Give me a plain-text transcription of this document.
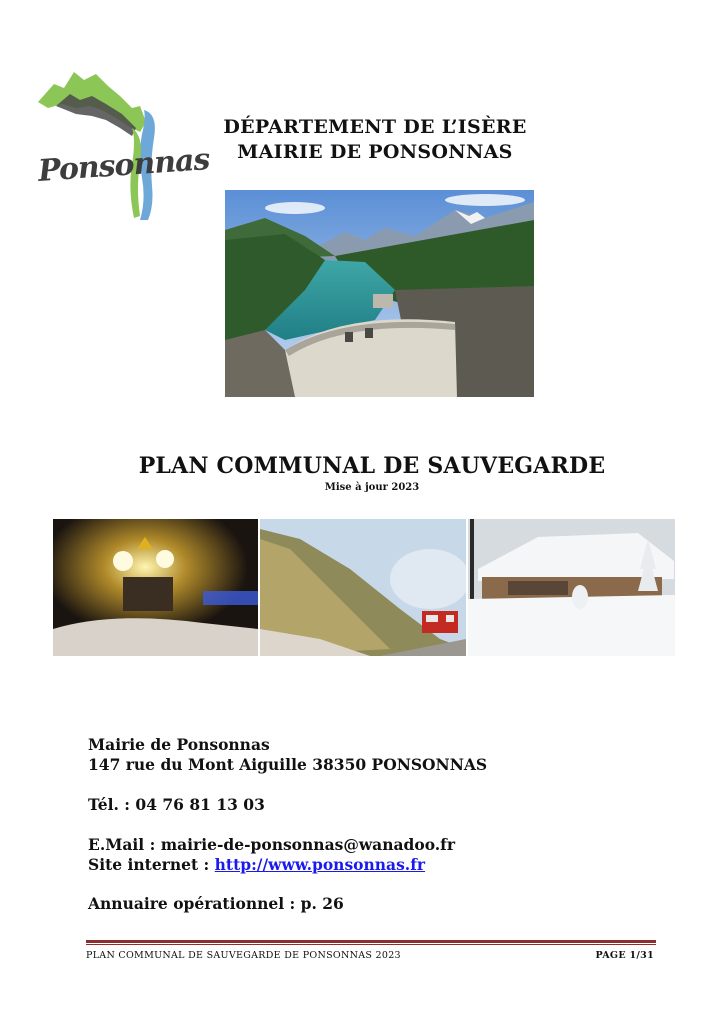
Ponsonnas
DÉPARTEMENT DE L’ISÈRE
MAIRIE DE PONSONNAS
PLAN COMMUNAL DE SAUVEGARDE
Mise à jour 2023
Mairie de Ponsonnas
147 rue du Mont Aiguille 38350 PONSONNAS
Tél. : 04 76 81 13 03
E.Mail : mairie-de-ponsonnas@wanadoo.fr
Site internet : http://www.ponsonnas.fr
Annuaire opérationnel : p. 26
PLAN COMMUNAL DE SAUVEGARDE DE PONSONNAS 2023	PAGE 1/31
